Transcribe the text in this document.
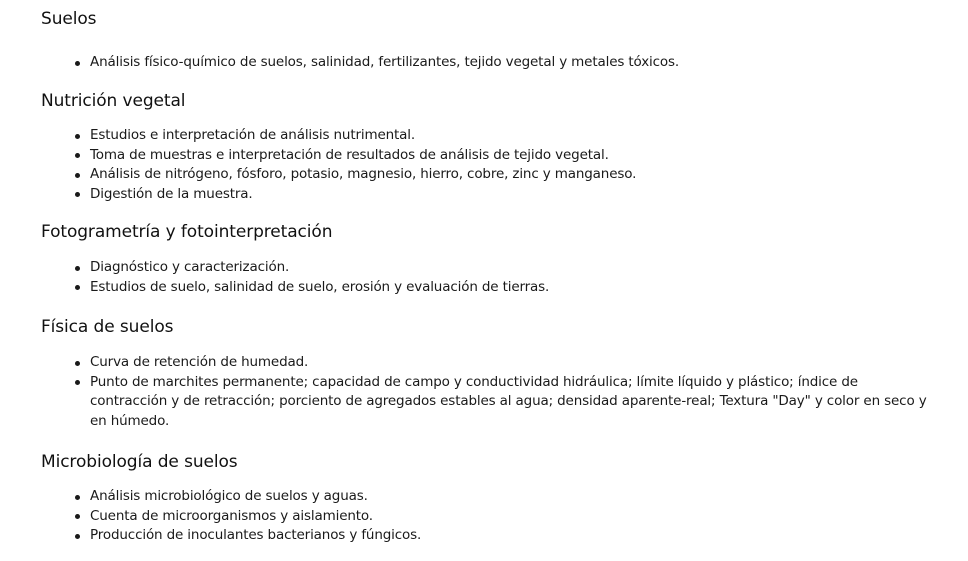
Suelos
Análisis físico-químico de suelos, salinidad, fertilizantes, tejido vegetal y metales tóxicos.
Nutrición vegetal
Estudios e interpretación de análisis nutrimental.
Toma de muestras e interpretación de resultados de análisis de tejido vegetal.
Análisis de nitrógeno, fósforo, potasio, magnesio, hierro, cobre, zinc y manganeso.
Digestión de la muestra.
Fotogrametría y fotointerpretación
Diagnóstico y caracterización.
Estudios de suelo, salinidad de suelo, erosión y evaluación de tierras.
Física de suelos
Curva de retención de humedad.
Punto de marchites permanente; capacidad de campo y conductividad hidráulica; límite líquido y plástico; índice de contracción y de retracción; porciento de agregados estables al agua; densidad aparente-real; Textura "Day" y color en seco y en húmedo.
Microbiología de suelos
Análisis microbiológico de suelos y aguas.
Cuenta de microorganismos y aislamiento.
Producción de inoculantes bacterianos y fúngicos.
